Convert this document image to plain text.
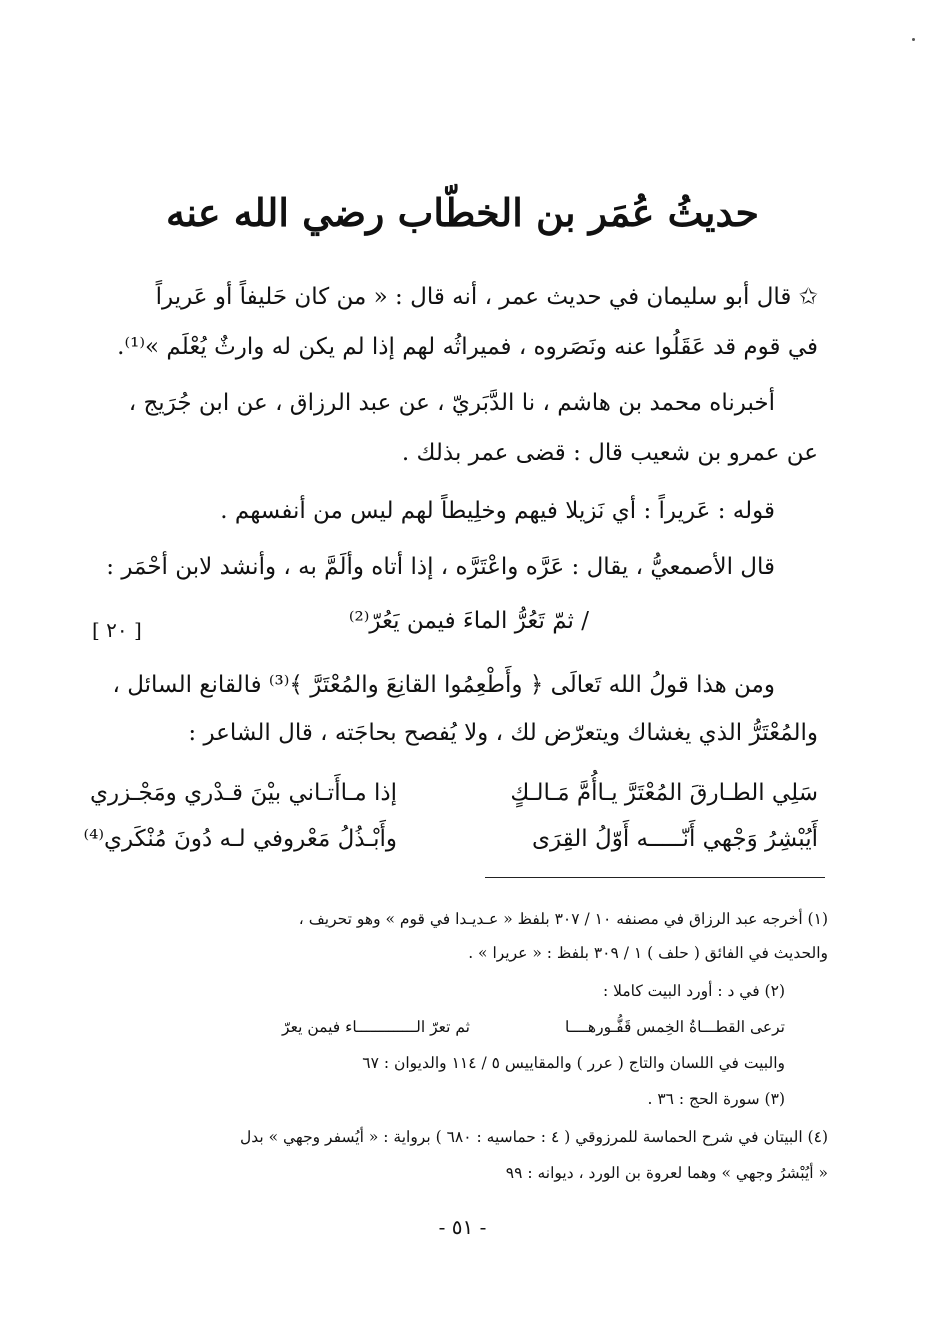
حديثُ عُمَر بن الخطّاب رضي الله عنه
✩ قال أبو سليمان في حديث عمر ، أنه قال : « من كان حَليفاً أو عَريراً
في قوم قد عَقَلُوا عنه ونَصَروه ، فميراثُه لهم إذا لم يكن له وارثٌ يُعْلَم »⁽¹⁾.
أخبرناه محمد بن هاشم ، نا الدَّبَريّ ، عن عبد الرزاق ، عن ابن جُرَيج ،
عن عمرو بن شعيب قال : قضى عمر بذلك .
قوله : عَريراً : أي نَزيلا فيهم وخلِيطاً لهم ليس من أنفسهم .
قال الأصمعيُّ ، يقال : عَرَّه واعْتَرَّه ، إذا أتاه وألَمَّ به ، وأنشد لابن أحْمَر :
/ ثمّ تَعُرُّ الماءَ فيمن يَعُرّ⁽²⁾
[ ٢٠ ]
ومن هذا قولُ الله تَعالَى ﴿ وأَطْعِمُوا القانِعَ والمُعْتَرَّ ﴾⁽³⁾ فالقانع السائل ،
والمُعْتَرُّ الذي يغشاك ويتعرّض لك ، ولا يُفصح بحاجَته ، قال الشاعر :
سَلِي الطـارقَ المُعْتَرَّ يـاأُمَّ مَـالـكٍ
إذا مـاأَتـاني بيْنَ قـدْري ومَجْـزري
أَيُبْشِرُ وَجْهي أَنّـــــه أَوّلُ القِرَى
وأَبْـذُلُ مَعْروفي لـه دُونَ مُنْكَري⁽⁴⁾
(١) أخرجه عبد الرزاق في مصنفه ١٠ / ٣٠٧ بلفظ « عـديـدا في قوم » وهو تحريف ،
والحديث في الفائق ( حلف ) ١ / ٣٠٩ بلفظ : « عريرا » .
(٢) في د : أورد البيت كاملا :
ترعى القطـــاةُ الخِمس قَفُّـورهــــا
ثم تعرّ الـــــــــــــاء فيمن يعرّ
والبيت في اللسان والتاج ( عرر ) والمقاييس ٥ / ١١٤ والديوان : ٦٧
(٣) سورة الحج : ٣٦ .
(٤) البيتان في شرح الحماسة للمرزوقي ( ٤ : حماسيه : ٦٨٠ ) برواية : « أيُسفر وجهي » بدل
« أيُبْشرُ وجهي » وهما لعروة بن الورد ، ديوانه : ٩٩
- ٥١ -
